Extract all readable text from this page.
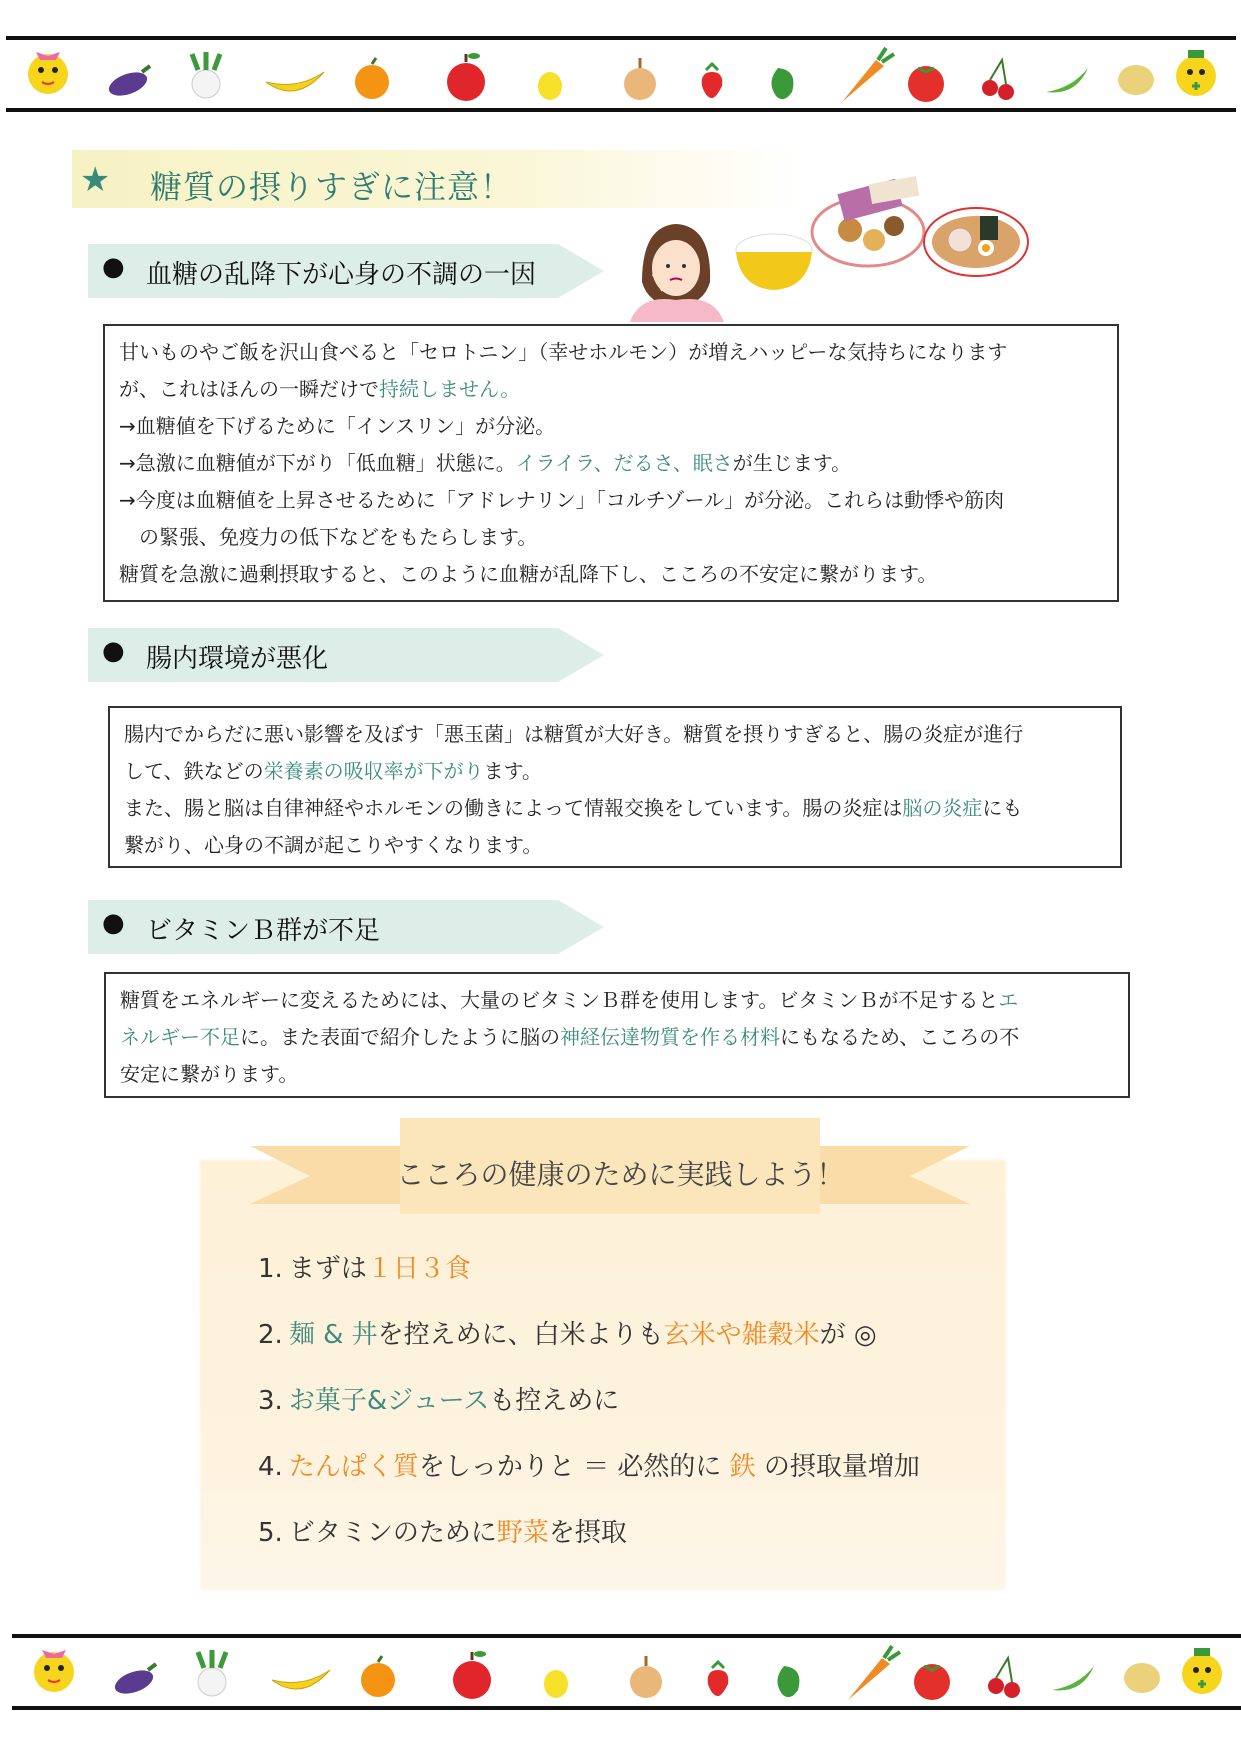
★ 糖質の摂りすぎに注意！
● 血糖の乱降下が心身の不調の一因
甘いものやご飯を沢山食べると「セロトニン」（幸せホルモン）が増えハッピーな気持ちになります
が、これはほんの一瞬だけで持続しません。
→血糖値を下げるために「インスリン」が分泌。
→急激に血糖値が下がり「低血糖」状態に。イライラ、だるさ、眠さが生じます。
→今度は血糖値を上昇させるために「アドレナリン」「コルチゾール」が分泌。これらは動悸や筋肉
　の緊張、免疫力の低下などをもたらします。
糖質を急激に過剰摂取すると、このように血糖が乱降下し、こころの不安定に繋がります。
● 腸内環境が悪化
腸内でからだに悪い影響を及ぼす「悪玉菌」は糖質が大好き。糖質を摂りすぎると、腸の炎症が進行
して、鉄などの栄養素の吸収率が下がります。
また、腸と脳は自律神経やホルモンの働きによって情報交換をしています。腸の炎症は脳の炎症にも
繋がり、心身の不調が起こりやすくなります。
● ビタミンＢ群が不足
糖質をエネルギーに変えるためには、大量のビタミンＢ群を使用します。ビタミンＢが不足するとエ
ネルギー不足に。また表面で紹介したように脳の神経伝達物質を作る材料にもなるため、こころの不
安定に繋がります。
こころの健康のために実践しよう！
1. まずは１日３食
2. 麺 & 丼を控えめに、白米よりも玄米や雑穀米が ◎
3. お菓子&ジュースも控えめに
4. たんぱく質をしっかりと ＝ 必然的に 鉄 の摂取量増加
5. ビタミンのために野菜を摂取
